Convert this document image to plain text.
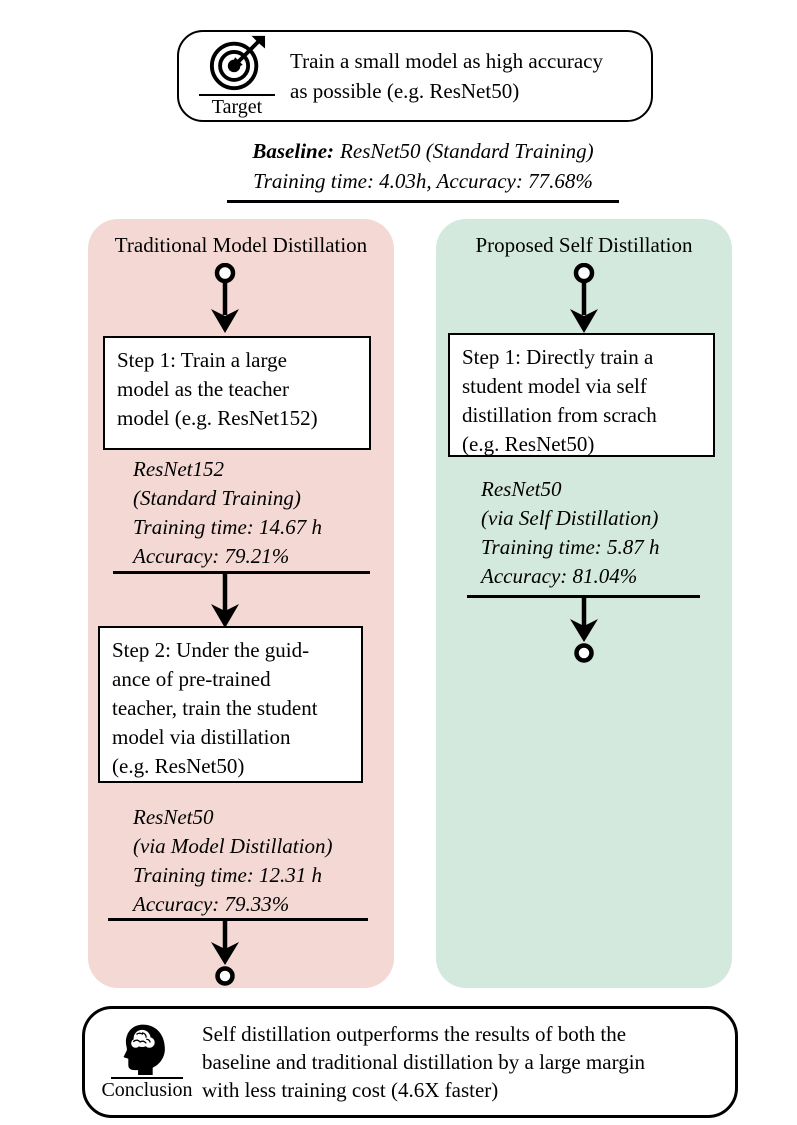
Target
Train a small model as high accuracy
as possible (e.g. ResNet50)
Baseline: ResNet50 (Standard Training)
Training time: 4.03h, Accuracy: 77.68%
Traditional Model Distillation
Step 1: Train a large
model as the teacher
model (e.g. ResNet152)
ResNet152
(Standard Training)
Training time: 14.67 h
Accuracy: 79.21%
Step 2: Under the guid-
ance of pre-trained
teacher, train the student
model via distillation
(e.g. ResNet50)
ResNet50
(via Model Distillation)
Training time: 12.31 h
Accuracy: 79.33%
Proposed Self Distillation
Step 1: Directly train a
student model via self
distillation from scrach
(e.g. ResNet50)
ResNet50
(via Self Distillation)
Training time: 5.87 h
Accuracy: 81.04%
Conclusion
Self distillation outperforms the results of both the
baseline and traditional distillation by a large margin
with less training cost (4.6X faster)
